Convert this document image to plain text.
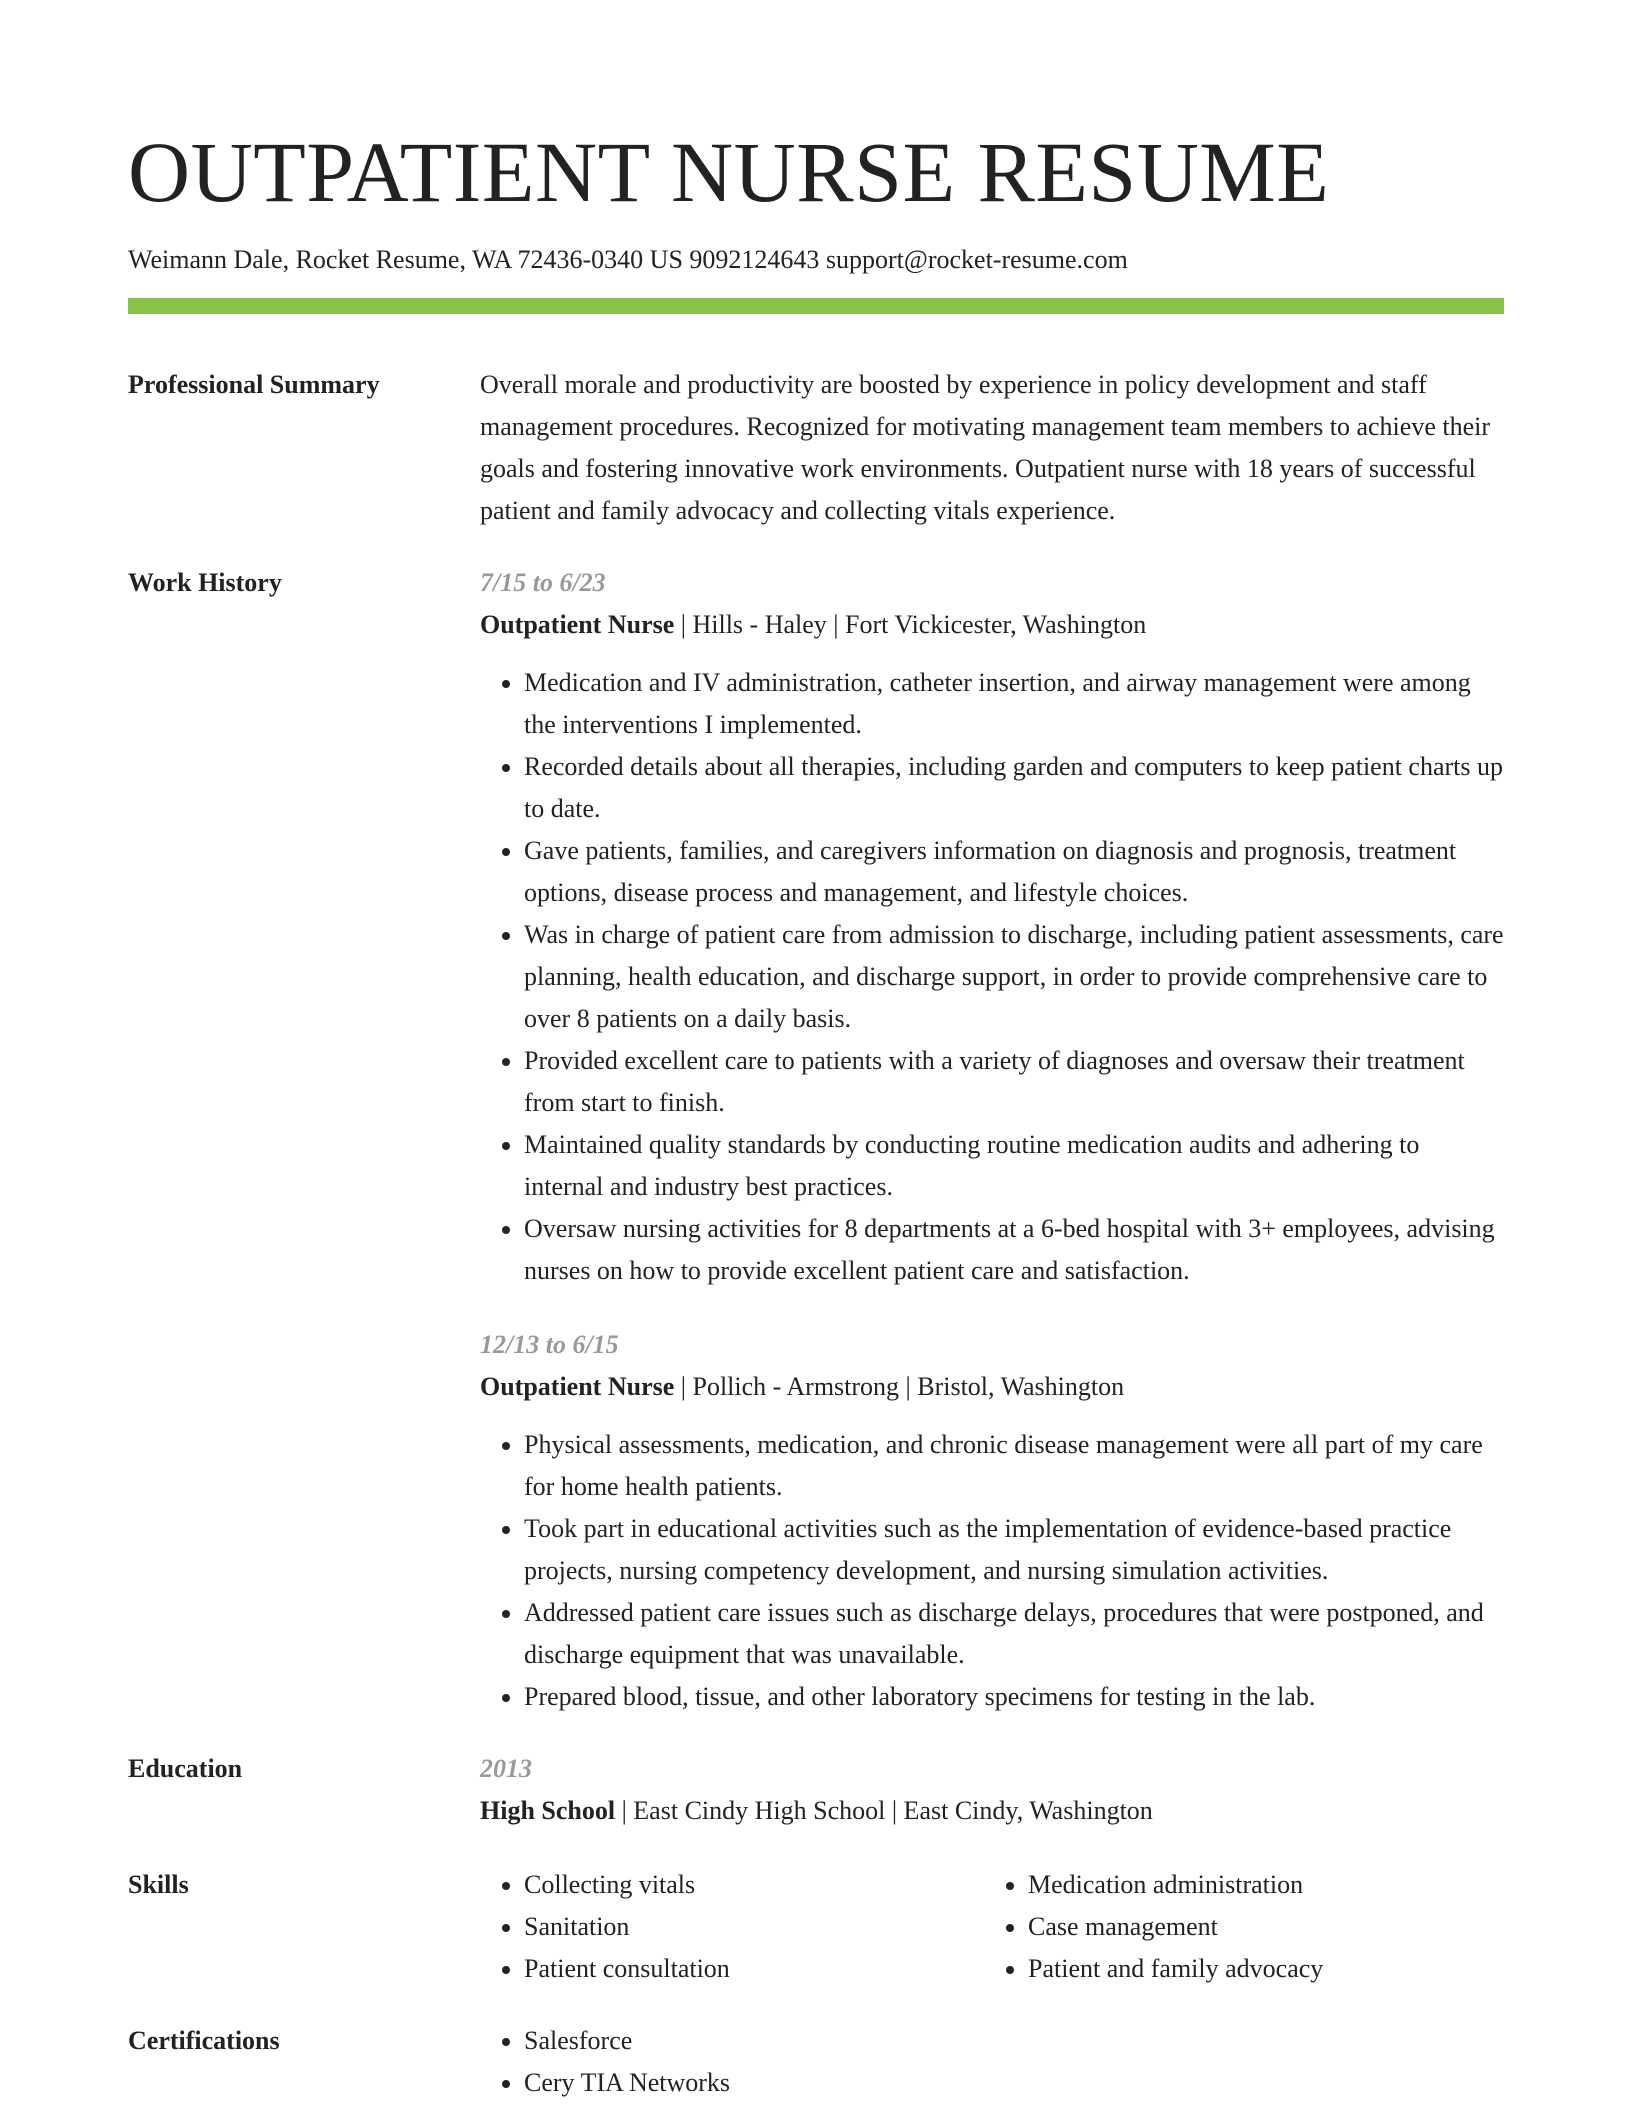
OUTPATIENT NURSE RESUME
Weimann Dale, Rocket Resume, WA 72436-0340 US 9092124643 support@rocket-resume.com
Professional Summary	Overall morale and productivity are boosted by experience in policy development and staff management procedures. Recognized for motivating management team members to achieve their goals and fostering innovative work environments. Outpatient nurse with 18 years of successful patient and family advocacy and collecting vitals experience.
Work History	7/15 to 6/23
Outpatient Nurse | Hills - Haley | Fort Vickicester, Washington
• Medication and IV administration, catheter insertion, and airway management were among the interventions I implemented.
• Recorded details about all therapies, including garden and computers to keep patient charts up to date.
• Gave patients, families, and caregivers information on diagnosis and prognosis, treatment options, disease process and management, and lifestyle choices.
• Was in charge of patient care from admission to discharge, including patient assessments, care planning, health education, and discharge support, in order to provide comprehensive care to over 8 patients on a daily basis.
• Provided excellent care to patients with a variety of diagnoses and oversaw their treatment from start to finish.
• Maintained quality standards by conducting routine medication audits and adhering to internal and industry best practices.
• Oversaw nursing activities for 8 departments at a 6-bed hospital with 3+ employees, advising nurses on how to provide excellent patient care and satisfaction.
12/13 to 6/15
Outpatient Nurse | Pollich - Armstrong | Bristol, Washington
• Physical assessments, medication, and chronic disease management were all part of my care for home health patients.
• Took part in educational activities such as the implementation of evidence-based practice projects, nursing competency development, and nursing simulation activities.
• Addressed patient care issues such as discharge delays, procedures that were postponed, and discharge equipment that was unavailable.
• Prepared blood, tissue, and other laboratory specimens for testing in the lab.
Education	2013
High School | East Cindy High School | East Cindy, Washington
Skills	• Collecting vitals
• Sanitation
• Patient consultation
• Medication administration
• Case management
• Patient and family advocacy
Certifications	• Salesforce
• Cery TIA Networks
